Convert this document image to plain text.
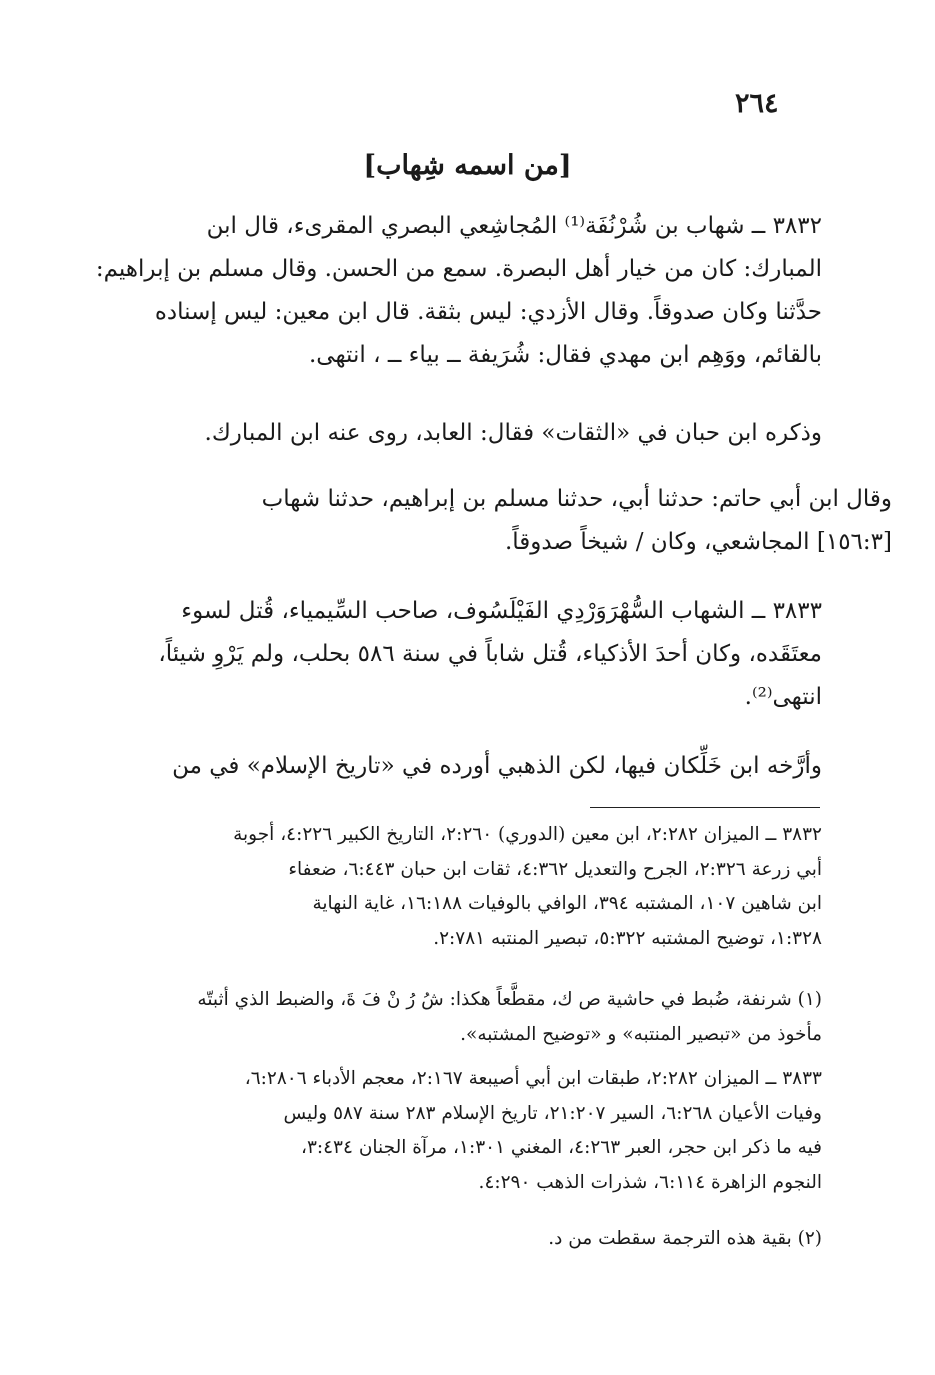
٢٦٤
[من اسمه شِهاب]
٣٨٣٢ ــ شهاب بن شُرْنُفَة⁽¹⁾ المُجاشِعي البصري المقرىء، قال ابن
المبارك: كان من خيار أهل البصرة. سمع من الحسن. وقال مسلم بن إبراهيم:
حدَّثنا وكان صدوقاً. وقال الأزدي: ليس بثقة. قال ابن معين: ليس إسناده
بالقائم، ووَهِم ابن مهدي فقال: شُرَيفة ــ بياء ــ ، انتهى.
وذكره ابن حبان في «الثقات» فقال: العابد، روى عنه ابن المبارك.
وقال ابن أبي حاتم: حدثنا أبي، حدثنا مسلم بن إبراهيم، حدثنا شهاب
[١٥٦:٣] المجاشعي، وكان / شيخاً صدوقاً.
٣٨٣٣ ــ الشهاب السُّهْرَوَرْدِي الفَيْلَسُوف، صاحب السِّيمياء، قُتل لسوء
معتَقَده، وكان أحدَ الأذكياء، قُتل شاباً في سنة ٥٨٦ بحلب، ولم يَرْوِ شيئاً،
انتهى⁽²⁾.
وأرَّخه ابن خَلِّكان فيها، لكن الذهبي أورده في «تاريخ الإسلام» في من
٣٨٣٢ ــ الميزان ٢:٢٨٢، ابن معين (الدوري) ٢:٢٦٠، التاريخ الكبير ٤:٢٢٦، أجوبة
أبي زرعة ٢:٣٢٦، الجرح والتعديل ٤:٣٦٢، ثقات ابن حبان ٦:٤٤٣، ضعفاء
ابن شاهين ١٠٧، المشتبه ٣٩٤، الوافي بالوفيات ١٦:١٨٨، غاية النهاية
١:٣٢٨، توضيح المشتبه ٥:٣٢٢، تبصير المنتبه ٢:٧٨١.
(١) شرنفة، ضُبط في حاشية ص ك، مقطَّعاً هكذا: شُ رُ نْ فَ ةَ، والضبط الذي أثبتّه
مأخوذ من «تبصير المنتبه» و «توضيح المشتبه».
٣٨٣٣ ــ الميزان ٢:٢٨٢، طبقات ابن أبي أصيبعة ٢:١٦٧، معجم الأدباء ٦:٢٨٠٦،
وفيات الأعيان ٦:٢٦٨، السير ٢١:٢٠٧، تاريخ الإسلام ٢٨٣ سنة ٥٨٧ وليس
فيه ما ذكر ابن حجر، العبر ٤:٢٦٣، المغني ١:٣٠١، مرآة الجنان ٣:٤٣٤،
النجوم الزاهرة ٦:١١٤، شذرات الذهب ٤:٢٩٠.
(٢) بقية هذه الترجمة سقطت من د.
